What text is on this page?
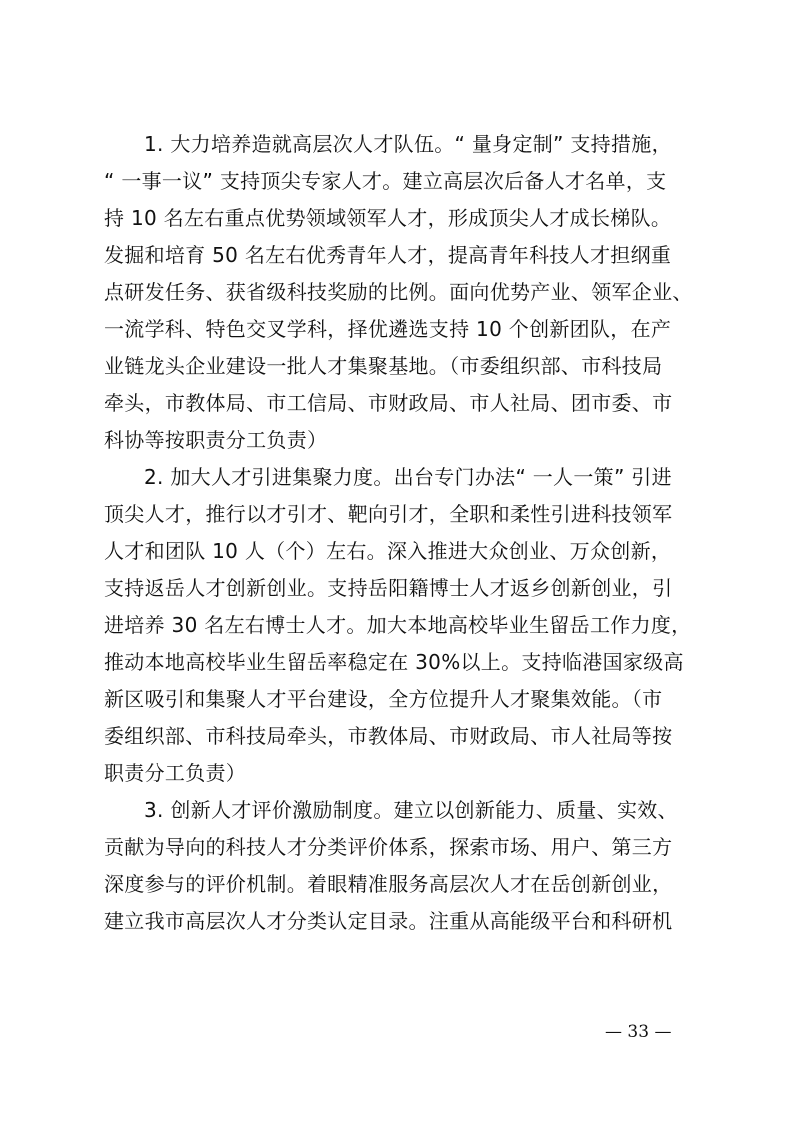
1. 大力培养造就高层次人才队伍。“ 量身定制” 支持措施，
“ 一事一议” 支持顶尖专家人才。建立高层次后备人才名单，支
持 10 名左右重点优势领域领军人才，形成顶尖人才成长梯队。
发掘和培育 50 名左右优秀青年人才，提高青年科技人才担纲重
点研发任务、获省级科技奖励的比例。面向优势产业、领军企业、
一流学科、特色交叉学科，择优遴选支持 10 个创新团队，在产
业链龙头企业建设一批人才集聚基地。（市委组织部、市科技局
牵头，市教体局、市工信局、市财政局、市人社局、团市委、市
科协等按职责分工负责）
2. 加大人才引进集聚力度。出台专门办法“ 一人一策” 引进
顶尖人才，推行以才引才、靶向引才，全职和柔性引进科技领军
人才和团队 10 人（个）左右。深入推进大众创业、万众创新，
支持返岳人才创新创业。支持岳阳籍博士人才返乡创新创业，引
进培养 30 名左右博士人才。加大本地高校毕业生留岳工作力度，
推动本地高校毕业生留岳率稳定在 30%以上。支持临港国家级高
新区吸引和集聚人才平台建设，全方位提升人才聚集效能。（市
委组织部、市科技局牵头，市教体局、市财政局、市人社局等按
职责分工负责）
3. 创新人才评价激励制度。建立以创新能力、质量、实效、
贡献为导向的科技人才分类评价体系，探索市场、用户、第三方
深度参与的评价机制。着眼精准服务高层次人才在岳创新创业，
建立我市高层次人才分类认定目录。注重从高能级平台和科研机
— 33 —
